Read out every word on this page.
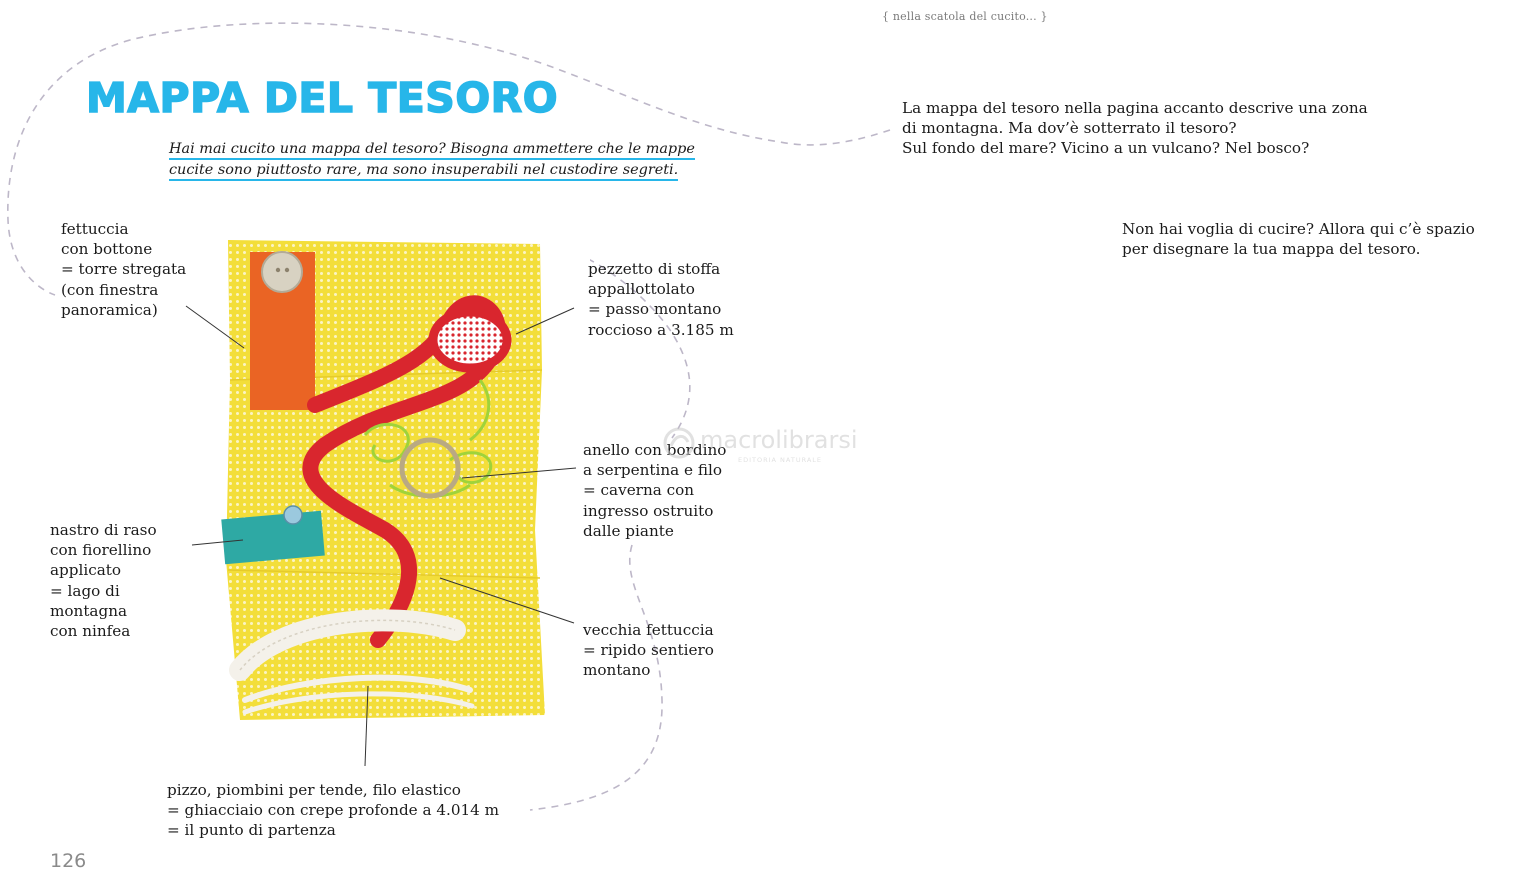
{ nella scatola del cucito... }
MAPPA DEL TESORO
Hai mai cucito una mappa del tesoro? Bisogna ammettere che le mappe
cucite sono piuttosto rare, ma sono insuperabili nel custodire segreti.
La mappa del tesoro nella pagina accanto descrive una zona
di montagna. Ma dov’è sotterrato il tesoro?
Sul fondo del mare? Vicino a un vulcano? Nel bosco?
Non hai voglia di cucire? Allora qui c’è spazio
per disegnare la tua mappa del tesoro.
fettuccia
con bottone
= torre stregata
(con finestra
panoramica)
pezzetto di stoffa
appallottolato
= passo montano
roccioso a 3.185 m
anello con bordino
a serpentina e filo
= caverna con
ingresso ostruito
dalle piante
nastro di raso
con fiorellino
applicato
= lago di
montagna
con ninfea	vecchia fettuccia
= ripido sentiero
montano
pizzo, piombini per tende, filo elastico
= ghiacciaio con crepe profonde a 4.014 m
= il punto di partenza
macrolibrarsi
EDITORIA NATURALE
126
